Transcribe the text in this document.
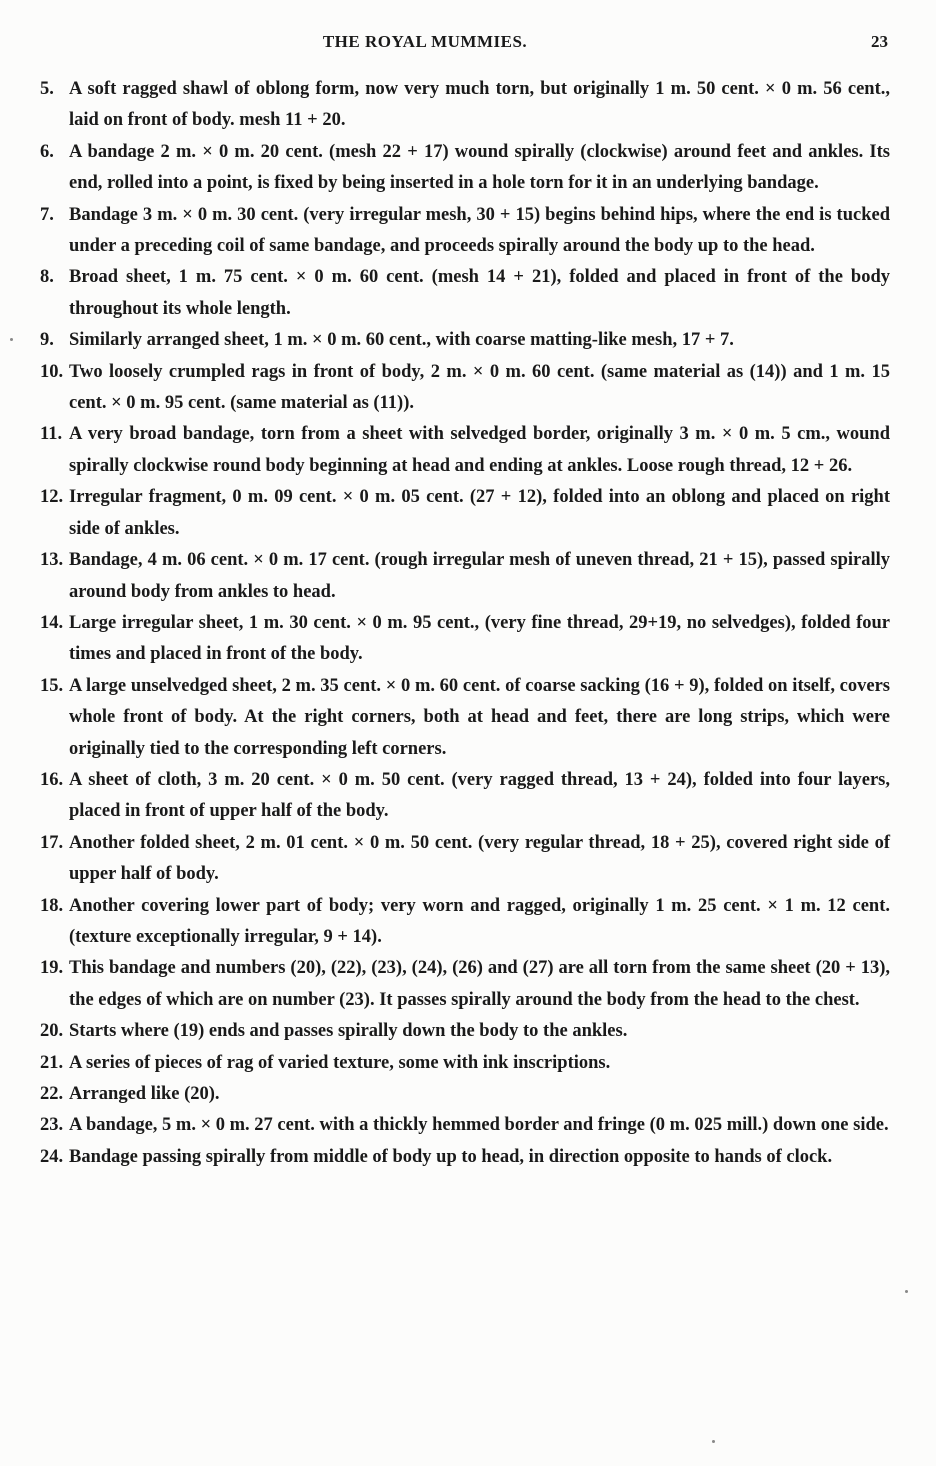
THE ROYAL MUMMIES.	23
5 . A soft ragged shawl of oblong form, now very much torn, but originally 1 m. 50 cent. × 0 m. 56 cent., laid on front of body. mesh 11 + 20.
6 . A bandage 2 m. × 0 m. 20 cent. (mesh 22 + 17) wound spirally (clockwise) around feet and ankles. Its end, rolled into a point, is fixed by being inserted in a hole torn for it in an underlying bandage.
7 . Bandage 3 m. × 0 m. 30 cent. (very irregular mesh, 30 + 15) begins behind hips, where the end is tucked under a preceding coil of same bandage, and proceeds spirally around the body up to the head.
8 . Broad sheet, 1 m. 75 cent. × 0 m. 60 cent. (mesh 14 + 21), folded and placed in front of the body throughout its whole length.
9 . Similarly arranged sheet, 1 m. × 0 m. 60 cent., with coarse matting-like mesh, 17 + 7.
10 . Two loosely crumpled rags in front of body, 2 m. × 0 m. 60 cent. (same material as (14)) and 1 m. 15 cent. × 0 m. 95 cent. (same material as (11)).
11 . A very broad bandage, torn from a sheet with selvedged border, originally 3 m. × 0 m. 5 cm., wound spirally clockwise round body beginning at head and ending at ankles. Loose rough thread, 12 + 26.
12 . Irregular fragment, 0 m. 09 cent. × 0 m. 05 cent. (27 + 12), folded into an oblong and placed on right side of ankles.
13 . Bandage, 4 m. 06 cent. × 0 m. 17 cent. (rough irregular mesh of uneven thread, 21 + 15), passed spirally around body from ankles to head.
14 . Large irregular sheet, 1 m. 30 cent. × 0 m. 95 cent., (very fine thread, 29+19, no selvedges), folded four times and placed in front of the body.
15 . A large unselvedged sheet, 2 m. 35 cent. × 0 m. 60 cent. of coarse sacking (16 + 9), folded on itself, covers whole front of body. At the right corners, both at head and feet, there are long strips, which were originally tied to the corresponding left corners.
16 . A sheet of cloth, 3 m. 20 cent. × 0 m. 50 cent. (very ragged thread, 13 + 24), folded into four layers, placed in front of upper half of the body.
17 . Another folded sheet, 2 m. 01 cent. × 0 m. 50 cent. (very regular thread, 18 + 25), covered right side of upper half of body.
18 . Another covering lower part of body; very worn and ragged, originally 1 m. 25 cent. × 1 m. 12 cent. (texture exceptionally irregular, 9 + 14).
19 . This bandage and numbers (20), (22), (23), (24), (26) and (27) are all torn from the same sheet (20 + 13), the edges of which are on number (23). It passes spirally around the body from the head to the chest.
20 . Starts where (19) ends and passes spirally down the body to the ankles.
21 . A series of pieces of rag of varied texture, some with ink inscriptions.
22 . Arranged like (20).
23 . A bandage, 5 m. × 0 m. 27 cent. with a thickly hemmed border and fringe (0 m. 025 mill.) down one side.
24 . Bandage passing spirally from middle of body up to head, in direction opposite to hands of clock.
